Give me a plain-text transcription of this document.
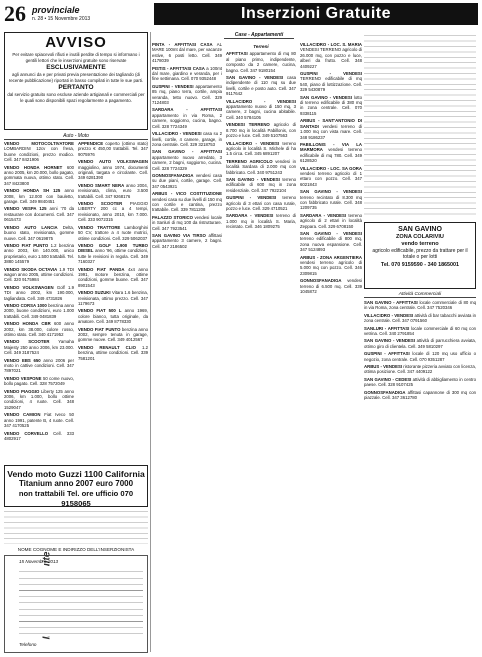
26 provinciale
n. 28 • 15 Novembre 2013	Inserzioni Gratuite
AVVISO

Per evitare spiacevoli rifiuti e inutili perdite di tempo si informano i gentili lettori che le inserzioni gratuite sono riservate

ESCLUSIVAMENTE

agli annunci da e per privati previa presentazione dei tagliando (di recente pubblicazione) riportati in basso compilati in tutte le sue parti.

PERTANTO

dal servizio gratuito sono escluse aziende artigianali e commerciali per le quali sono disponibili spazi regolarmente a pagamento.

Auto - Moto
VENDO MOTOCOLTIVATORE LOMBARDINI 12cv con fresa, buone condizioni, prezzo modico. Cell. 347 8421906
VENDO HONDA HORNET 600 anno 2005, km 20.000, bollo pagato, gommata nuova, ottimo stato. Cell. 347 8423800
VENDO HONDA SH 125 anno 2008, km 12.000 con bauletto, garage. Cell. 349 9840451
VENDO VESPA 125 anni '70 da restaurare con documenti. Cell. 347 0615473
VENDO AUTO LANCIA Delta, buono stato, revisionata, gomme nuove. Cell. 347 0619875
VENDO FIAT PUNTO 1.2 benzina anno 2003, km 140.000, unico proprietario, euro 1.500 trattabili. Tel. 3880 145579
VENDO SKODA OCTAVIA 1.9 TDI wagon anno 2005, ottime condizioni. Cell. 320 9175984
VENDO VOLKSWAGEN Golf 1.9 TDI anno 2002, km 190.000, tagliandata. Cell. 349 4731826
VENDO CORSA 1000 benzina anno 2000, buone condizioni, euro 1.000 trattabili. Cell. 349 0481839
VENDO HONDA CBR 600 anno 2002, km 38.000, colore rosso, ottimo stato. Cell. 340 4171952
VENDO SCOOTER Yamaha Majesty 250 anno 2006, km 23.000. Cell. 349 3187524
VENDO EBS 650 anno 2006 per moto in cattive condizioni. Cell. 347 7897021
VENDO VESPONE 50 come nuovo, bollo pagato. Cell. 328 7572049
VENDO PIAGGIO Liberty 125 anno 2006, km 1.000, bollo ottime condizioni, 4 ruote. Cell. 348 1529047
VENDO CAMION Fiat Iveco 50 anno 1991, patente B, 4 ruote. Cell. 347 4170525
VENDO CORVELLO Cell. 333 4802917
APPENDICE coperto (ottimo stato) prezzo € 450,00 trattabili. Tel. 347 9075976
VENDO AUTO VOLKSWAGEN maggiolino, anno 1974, documenti originali, targata e circolante. Cell. 349 6281390
VENDO SMART NERA anno 2004, revisionata, clima, euro 3.500 trattabili. Cell. 347 9268176
VENDO SCOOTER PIAGGIO LIBERTY 200 cc a 4 tempi, revisionato, anno 2010, km 7.000. Cell. 333 9072315
VENDO TRATTORE Lamborghini 50 CV, trattore a 4 ruote motrici, ottime condizioni. Cell. 329 5062037
VENDO GOLF 1.900 TURBO DIESEL anno '96, ottime condizioni, tutte le revisioni in regola. Cell. 349 7160327
VENDO FIAT PANDA 4x4 anno 1991, motore benzina, ottime condizioni, gomme buone. Cell. 347 8901543
VENDO SUZUKI Vitara 1.6 benzina, revisionata, ottimo prezzo. Cell. 347 1179673
VENDO FIAT 500 L anno 1969, colore bianco, tutta originale, da amatore. Cell. 349 8778330
VENDO FIAT PUNTO benzina anno 2002, sempre tenuta in garage, gomme nuove. Cell. 349 4012567
VENDO RENAULT CLIO 1.2 benzina, ottime condizioni. Cell. 339 7581201
Vendo moto Guzzi 1100 California
Titanium anno 2007 euro 7000
non trattabili Tel. ore ufficio 070 9158065
NOME COGNOME E INDIRIZZO DELL'INSERZIONISTA
15 Novembre 2013
Telefono
Case - Appartamenti
PINTA - AFFITTASI CASA AL MARE 100mt dal mare, per vacanze estive, 6 posti letto. Cell. 349 4178039
PISTIS - AFFITTASI CASA a 100mt dal mare, giardino e veranda, per i fine settimana. Cell. 070 9352448
GUSPINI - VENDESI appartamento 85 mq, piano terra, cortile, ampia veranda, tetto nuovo. Cell. 329 7124803
SARDARA - AFFITTASI appartamento in via Roma, 2 camere, soggiorno, cucina, bagno. Cell. 328 7724349
VILLACIDRO - VENDESI casa su 2 livelli, cortile, 4 camere, garage, in zona centrale. Cell. 329 3218753
SAN GAVINO - AFFITTASI appartamento nuovo arredato, 3 camere, 2 bagni, soggiorno, cucina. Cell. 328 7724329
GONNOSFANADIGA vendesi casa su due piani, cortile, garage. Cell. 347 0543921
ARBUS - VICO COSTITUZIONE vendesi casa su due livelli di 150 mq con cortile e cantina, prezzo trattabile. Cell. 339 7811208
PALAZZO STORICO vendesi locale in Sanluri di mq 100 da ristrutturare. Cell. 347 7923541
SAN GAVINO VIA TIRSO affittasi appartamento 3 camere, 2 bagni. Cell. 347 2186502
Terreni
AFFITTASI appartamento di mq 80 al piano primo, indipendente, composto da 2 camere, cucina, bagno. Cell. 347 9180154
SAN GAVINO - VENDESI casa indipendente di 110 mq su due livelli, cortile e posto auto. Cell. 347 9117642
VILLACIDRO - VENDESI appartamento nuovo di 150 mq, 3 camere, 2 bagni, cucina abitabile. Cell. 340 5784105
VENDESI TERRENO agricolo di 8.700 mq in località Pabillonis, con pozzo e luce. Cell. 349 5107563
VILLACIDRO - VENDESI terreno agricolo in località S. Michele di ha 1.5 circa. Cell. 345 6891207
TERRENO AGRICOLO vendesi in località Sardara di 2.000 mq con fabbricato. Cell. 340 9751243
SAN GAVINO - VENDESI terreno edificabile di 600 mq in zona residenziale. Cell. 347 7922104
GUSPINI - VENDESI terreno agricolo di 3 ettari con casa rurale, pozzo e luce. Cell. 329 4710521
SARDARA - VENDESI terreno di 1.000 mq in località S. Maria, recintato. Cell. 346 1809275
VILLACIDRO - LOC. S. MARIA VENDESI TERRENO agricolo di 26.000 mq, con pozzo e luce, alberi da frutto. Cell. 348 4409227
GUSPINI - VENDESI TERRENO edificabile di mq 540, piano di lottizzazione. Cell. 329 5430879
SAN GAVINO - VENDESI lotto di terreno edificabile di 380 mq in zona centrale. Cell. 070 9338115
ARBUS - SANT'ANTONIO DI SANTADI vendesi terreno di 1.000 mq con vista mare. Cell. 348 9186237
PABILLONIS - VIA LA MARMORA vendesi terreno edificabile di mq 780. Cell. 349 6128520
VILLACIDRO - LOC. SA GORA vendesi terreno agricolo di 1 ettaro con pozzo. Cell. 347 6021843
SAN GAVINO - VENDESI terreno recintato di 8.300 mq con fabbricato rurale. Cell. 348 1209735
SARDARA - VENDESI terreno agricolo di 2 ettari in località Zeppara. Cell. 329 6708150
SAN GAVINO - VENDESI terreno edificabile di 800 mq, zona nuova espansione. Cell. 347 5124893
ARBUS - ZONA ARGENTIERA vendesi terreno agricolo di 5.000 mq con pozzo. Cell. 346 2309815
GONNOSFANADIGA vendesi terreno di 6.500 mq. Cell. 339 1045872
SAN GAVINO
ZONA COLARIVIU
vendo terreno
agricolo edificabile, prezzo da trattare per il totale o per lotti
Tel. 070 9159590 - 340 1865001
Attività Commerciali
SAN GAVINO - AFFITTASI locale commerciale di 80 mq in via Roma, zona centrale. Cell. 347 7520346
VILLACIDRO - VENDESI attività di bar tabacchi avviata in zona centrale. Cell. 347 0791560
SANLURI - AFFITTASI locale commerciale di 60 mq con vetrina. Cell. 340 2791854
SAN GAVINO - VENDESI attività di parrucchiera avviata, ottimo giro di clientela. Cell. 349 5810297
GUSPINI - AFFITTASI locale di 120 mq uso ufficio o negozio, zona centrale. Cell. 070 9351287
ARBUS - VENDESI ristorante pizzeria avviato con licenza, ottima posizione. Cell. 347 4409122
SAN GAVINO - CEDESI attività di abbigliamento in centro paese. Cell. 328 9107425
GONNOSFANADIGA affittasi capannone di 300 mq con piazzale. Cell. 347 3612780
